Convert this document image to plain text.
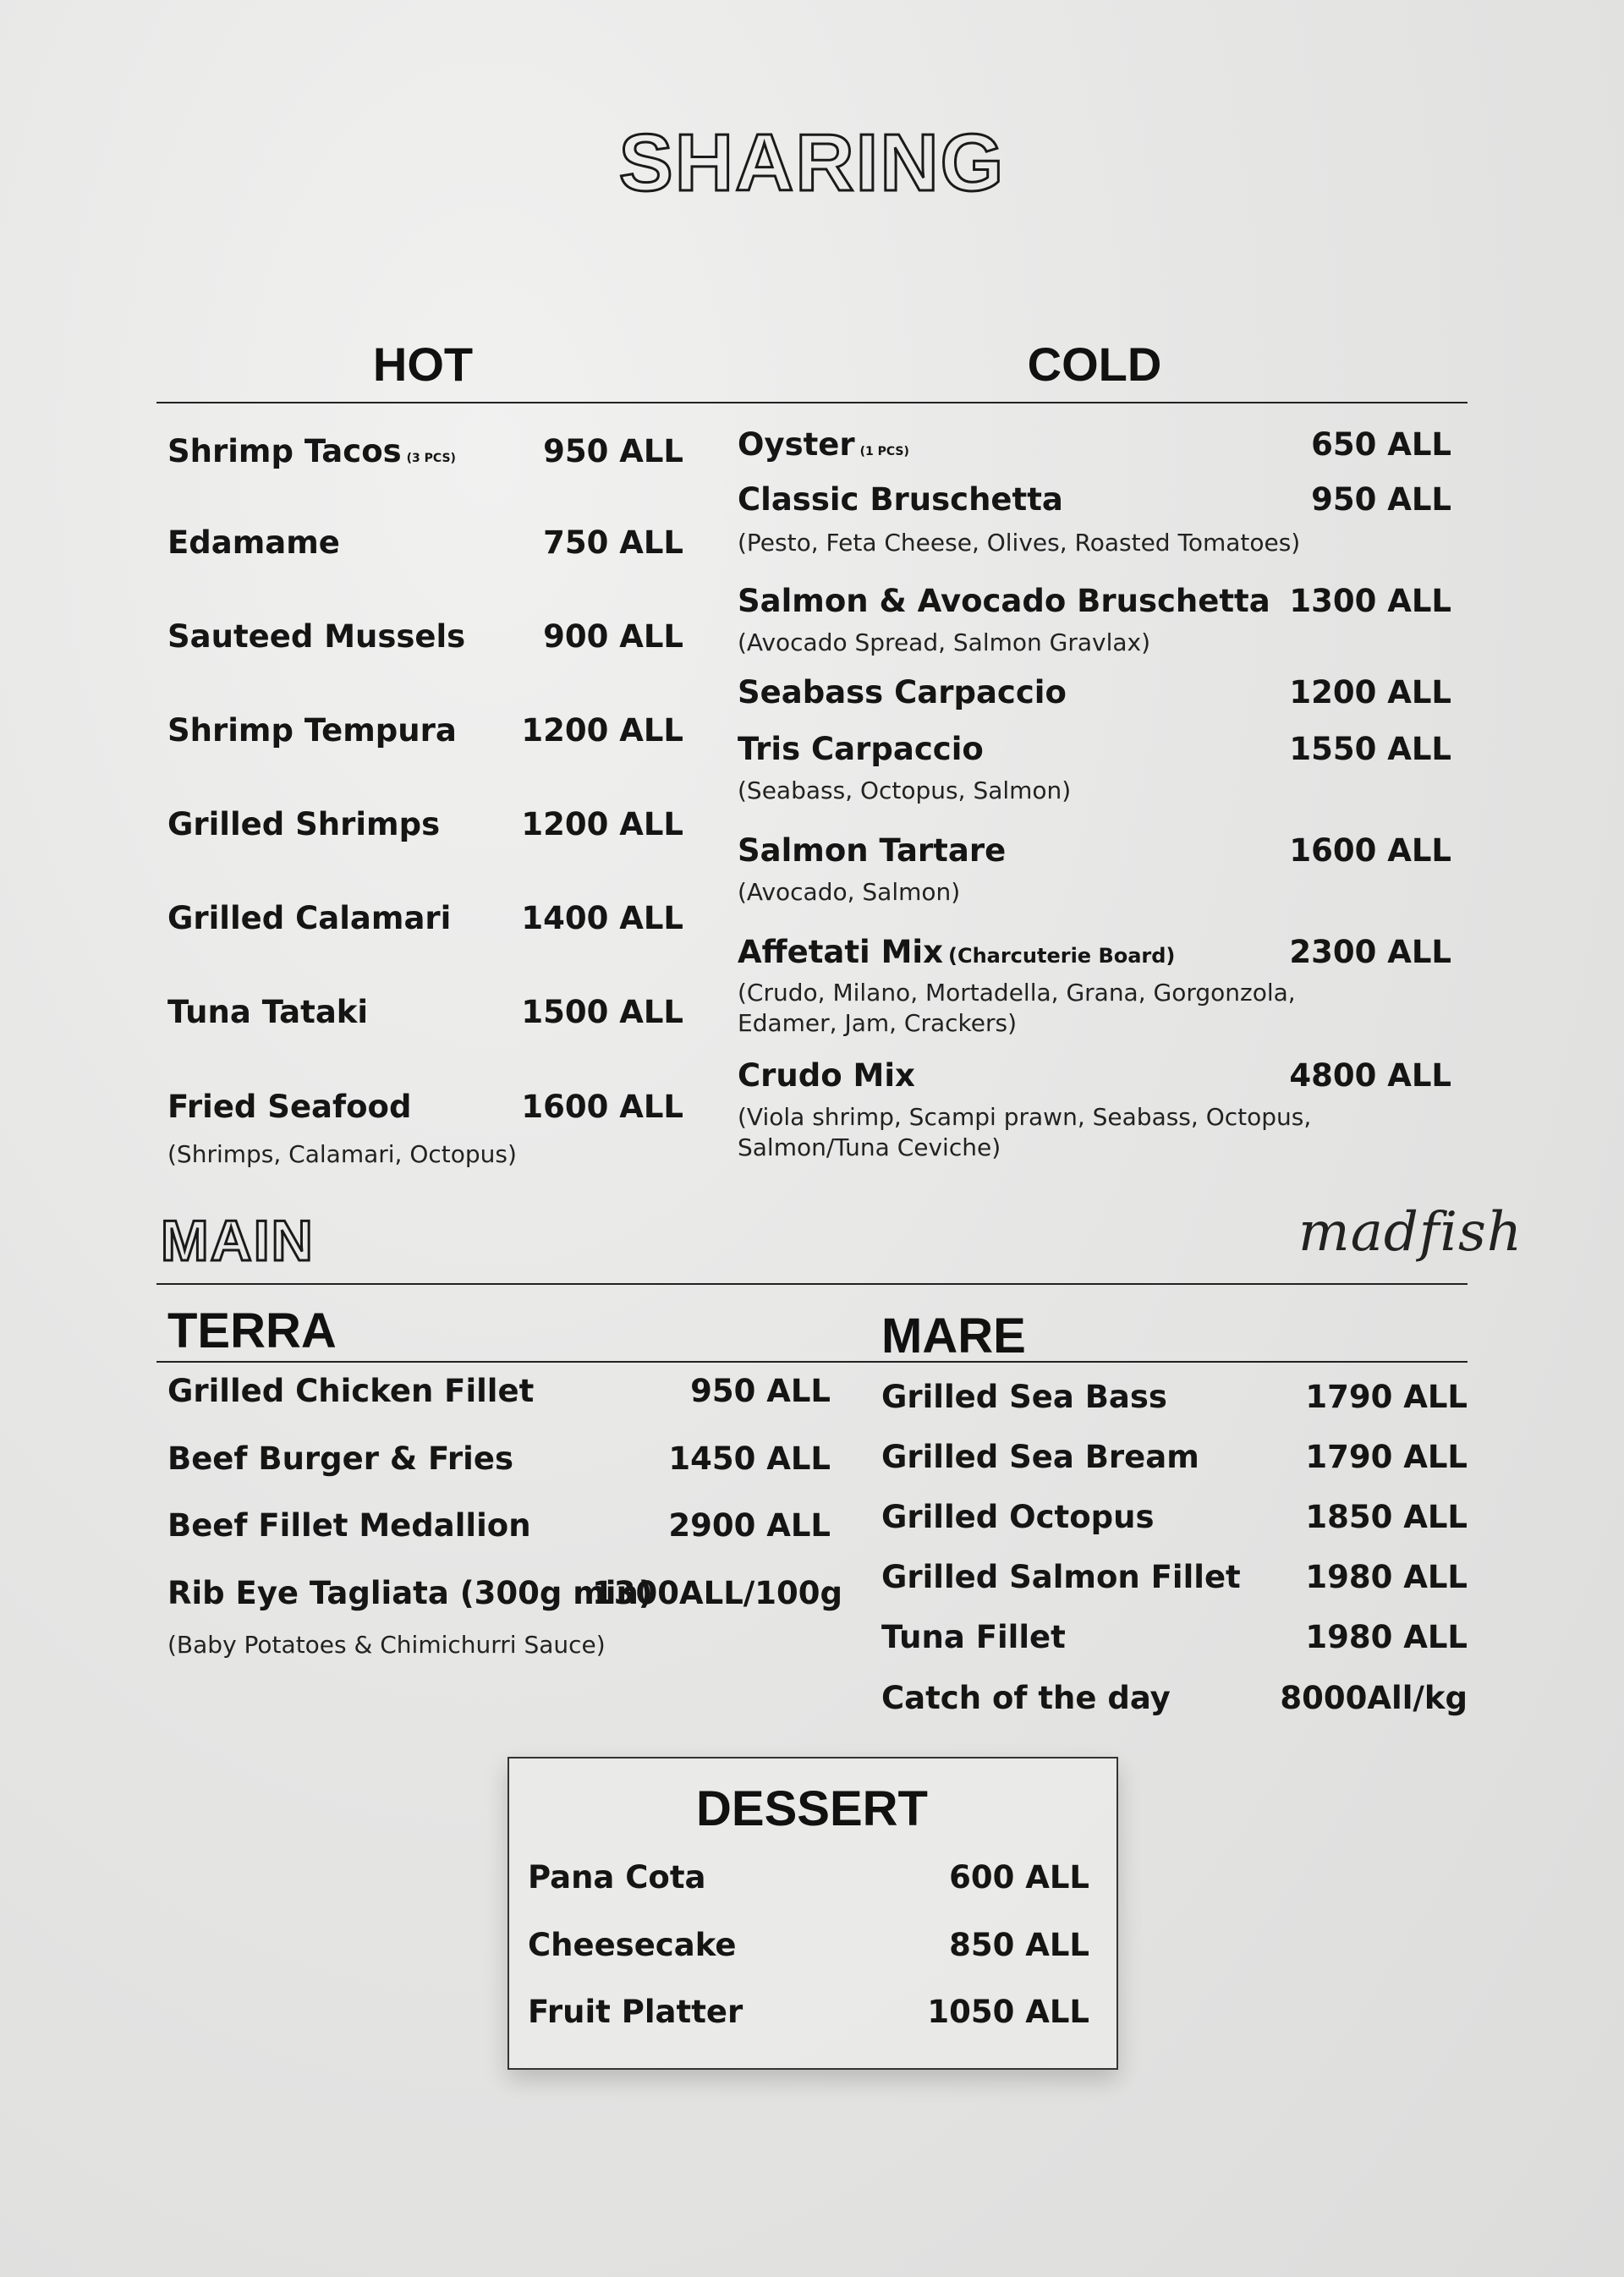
SHARING
HOT	COLD
Shrimp Tacos (3 PCS)	950 ALL
Edamame	750 ALL
Sauteed Mussels	900 ALL
Shrimp Tempura	1200 ALL
Grilled Shrimps	1200 ALL
Grilled Calamari	1400 ALL
Tuna Tataki	1500 ALL
Fried Seafood	1600 ALL
(Shrimps, Calamari, Octopus)
Oyster (1 PCS)	650 ALL
Classic Bruschetta	950 ALL
(Pesto, Feta Cheese, Olives, Roasted Tomatoes)
Salmon & Avocado Bruschetta 1300 ALL
(Avocado Spread, Salmon Gravlax)
Seabass Carpaccio	1200 ALL
Tris Carpaccio	1550 ALL
(Seabass, Octopus, Salmon)
Salmon Tartare	1600 ALL
(Avocado, Salmon)
Affetati Mix (Charcuterie Board)	2300 ALL
(Crudo, Milano, Mortadella, Grana, Gorgonzola,
Edamer, Jam, Crackers)
Crudo Mix	4800 ALL
(Viola shrimp, Scampi prawn, Seabass, Octopus,
Salmon/Tuna Ceviche)
MAIN	madfish
TERRA
Grilled Chicken Fillet	950 ALL
Beef Burger & Fries	1450 ALL
Beef Fillet Medallion	2900 ALL
Rib Eye Tagliata (300g min)
1300ALL/100g
(Baby Potatoes & Chimichurri Sauce)
MARE
Grilled Sea Bass	1790 ALL
Grilled Sea Bream	1790 ALL
Grilled Octopus	1850 ALL
Grilled Salmon Fillet	1980 ALL
Tuna Fillet	1980 ALL
Catch of the day	8000All/kg
DESSERT
Pana Cota	600 ALL
Cheesecake	850 ALL
Fruit Platter	1050 ALL
